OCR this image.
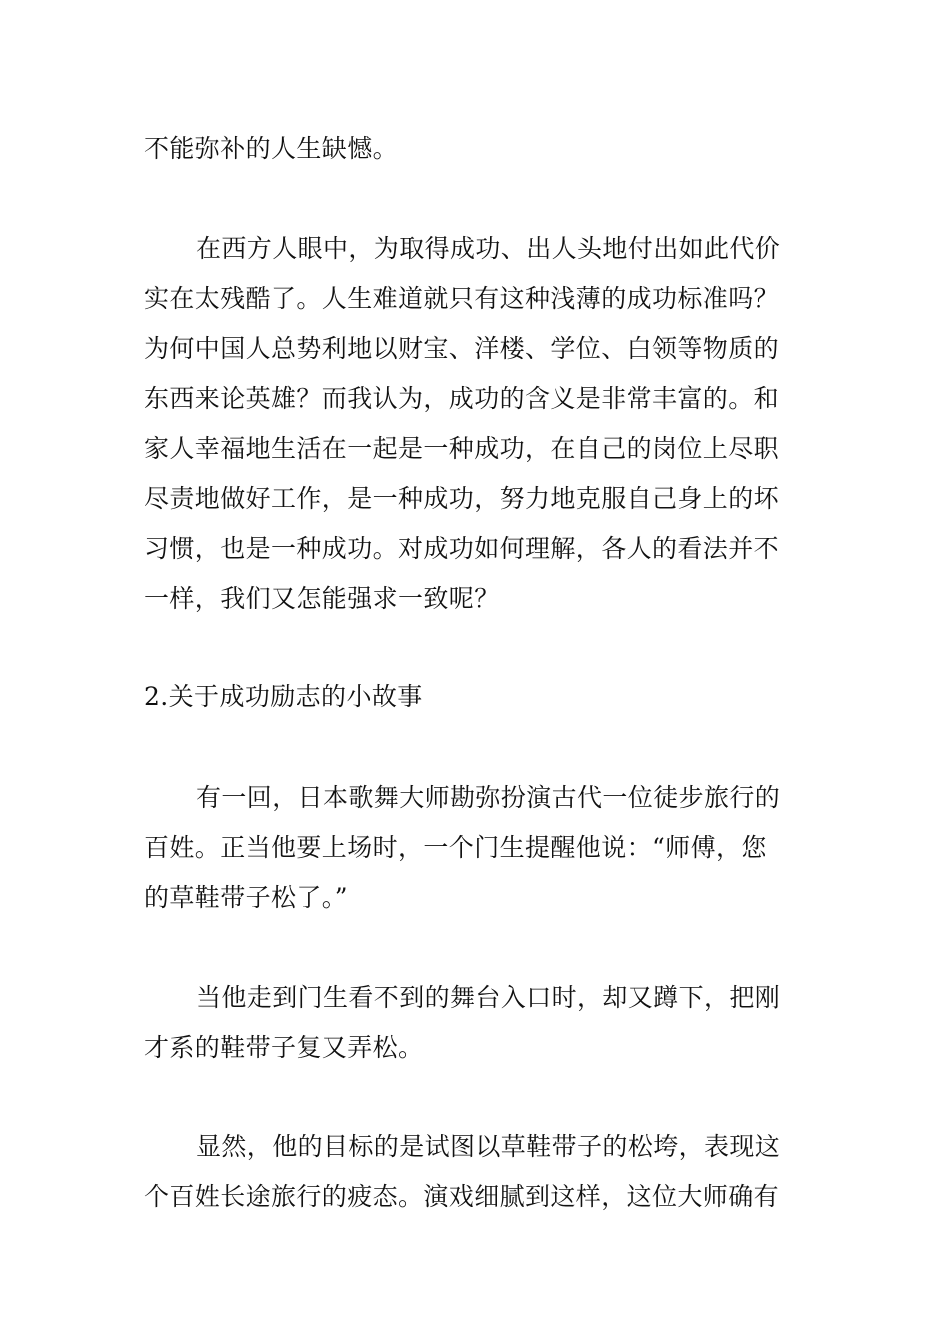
不能弥补的人生缺憾。

在西方人眼中，为取得成功、出人头地付出如此代价

实在太残酷了。人生难道就只有这种浅薄的成功标准吗？

为何中国人总势利地以财宝、洋楼、学位、白领等物质的

东西来论英雄？而我认为，成功的含义是非常丰富的。和

家人幸福地生活在一起是一种成功，在自己的岗位上尽职

尽责地做好工作，是一种成功，努力地克服自己身上的坏

习惯，也是一种成功。对成功如何理解，各人的看法并不

一样，我们又怎能强求一致呢？

2.关于成功励志的小故事

有一回，日本歌舞大师勘弥扮演古代一位徒步旅行的

百姓。正当他要上场时，一个门生提醒他说：“师傅，您

的草鞋带子松了。”

当他走到门生看不到的舞台入口时，却又蹲下，把刚

才系的鞋带子复又弄松。

显然，他的目标的是试图以草鞋带子的松垮，表现这

个百姓长途旅行的疲态。演戏细腻到这样，这位大师确有
